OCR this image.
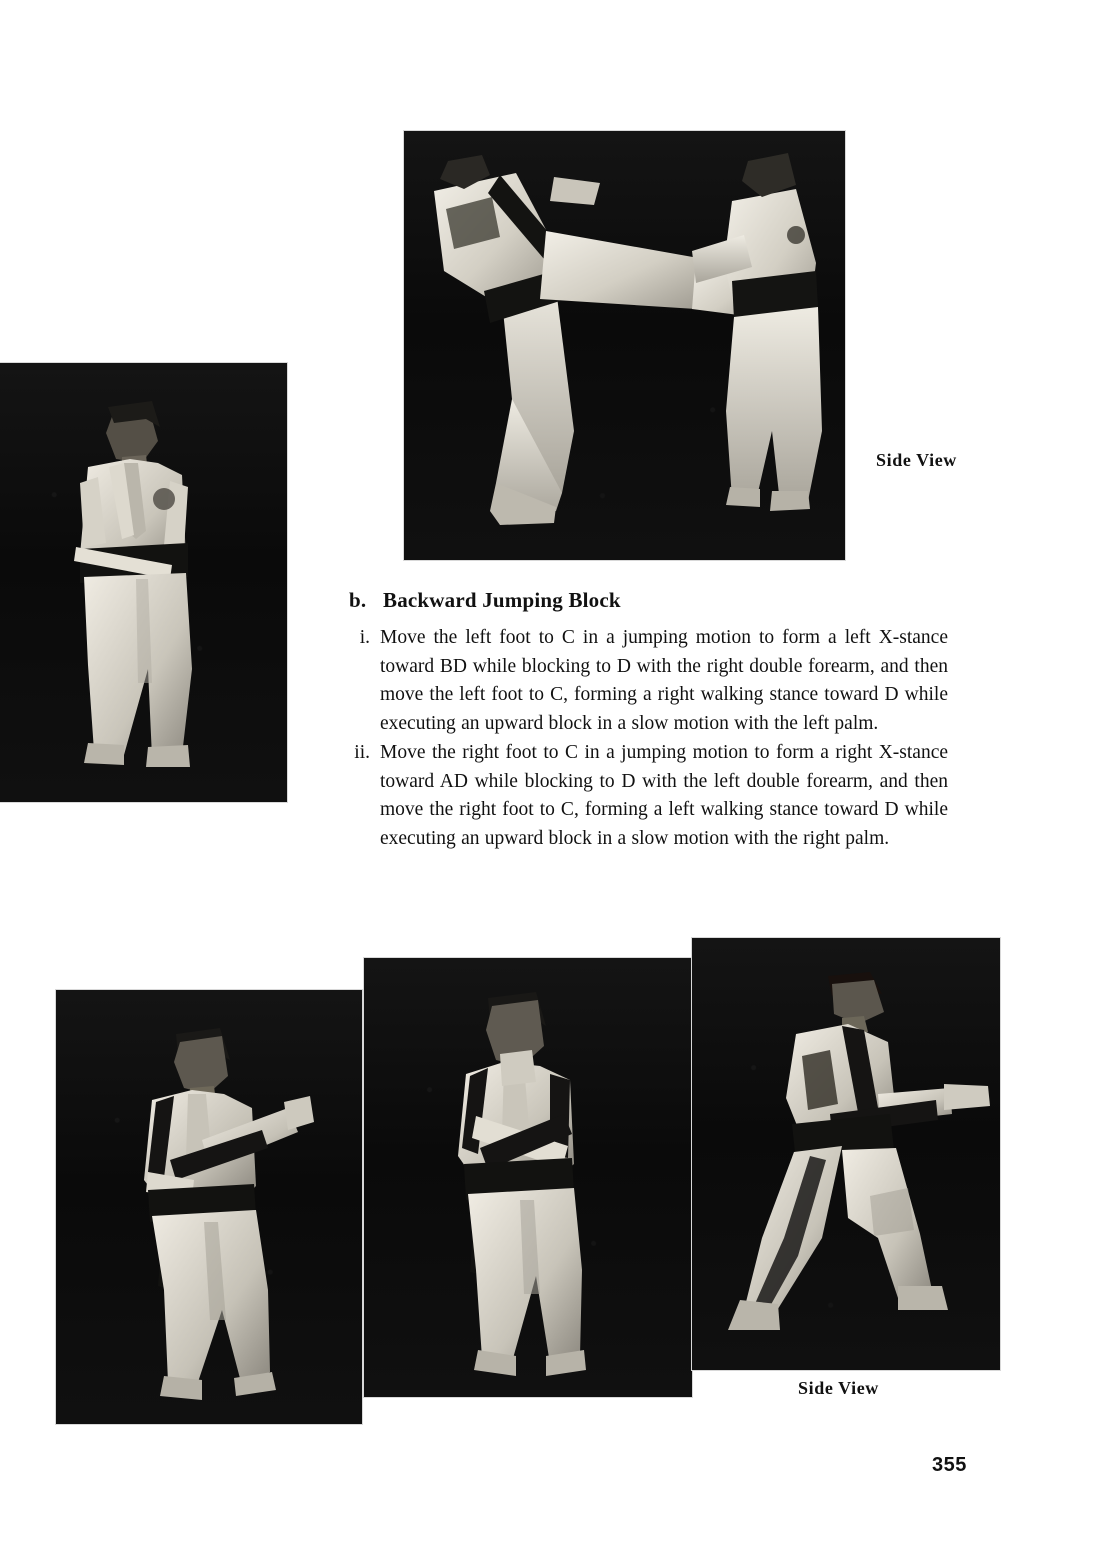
Side View
b. Backward Jumping Block
i. Move the left foot to C in a jumping motion to form a left X-stance toward BD while blocking to D with the right double forearm, and then move the left foot to C, forming a right walking stance toward D while executing an upward block in a slow motion with the left palm.
ii. Move the right foot to C in a jumping motion to form a right X-stance toward AD while blocking to D with the left double forearm, and then move the right foot to C, forming a left walking stance toward D while executing an upward block in a slow motion with the right palm.
Side View
355
